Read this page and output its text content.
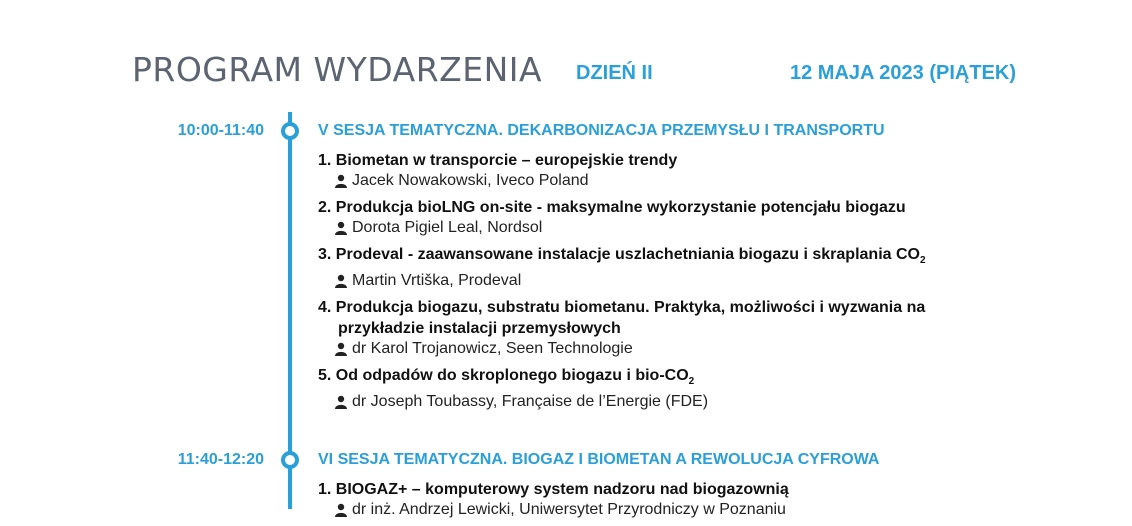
PROGRAM WYDARZENIA DZIEŃ II	12 MAJA 2023 (PIĄTEK)
10:00-11:40	V SESJA TEMATYCZNA. DEKARBONIZACJA PRZEMYSŁU I TRANSPORTU
1. Biometan w transporcie – europejskie trendy
Jacek Nowakowski, Iveco Poland
2. Produkcja bioLNG on-site - maksymalne wykorzystanie potencjału biogazu
Dorota Pigiel Leal, Nordsol
3. Prodeval - zaawansowane instalacje uszlachetniania biogazu i skraplania $CO_2$
Martin Vrtiška, Prodeval
4. Produkcja biogazu, substratu biometanu. Praktyka, możliwości i wyzwania na
przykładzie instalacji przemysłowych
dr Karol Trojanowicz, Seen Technologie
5. Od odpadów do skroplonego biogazu i bio-$CO_2$
dr Joseph Toubassy, Française de l’Energie (FDE)
11:40-12:20	VI SESJA TEMATYCZNA. BIOGAZ I BIOMETAN A REWOLUCJA CYFROWA
1. BIOGAZ+ – komputerowy system nadzoru nad biogazownią
dr inż. Andrzej Lewicki, Uniwersytet Przyrodniczy w Poznaniu
